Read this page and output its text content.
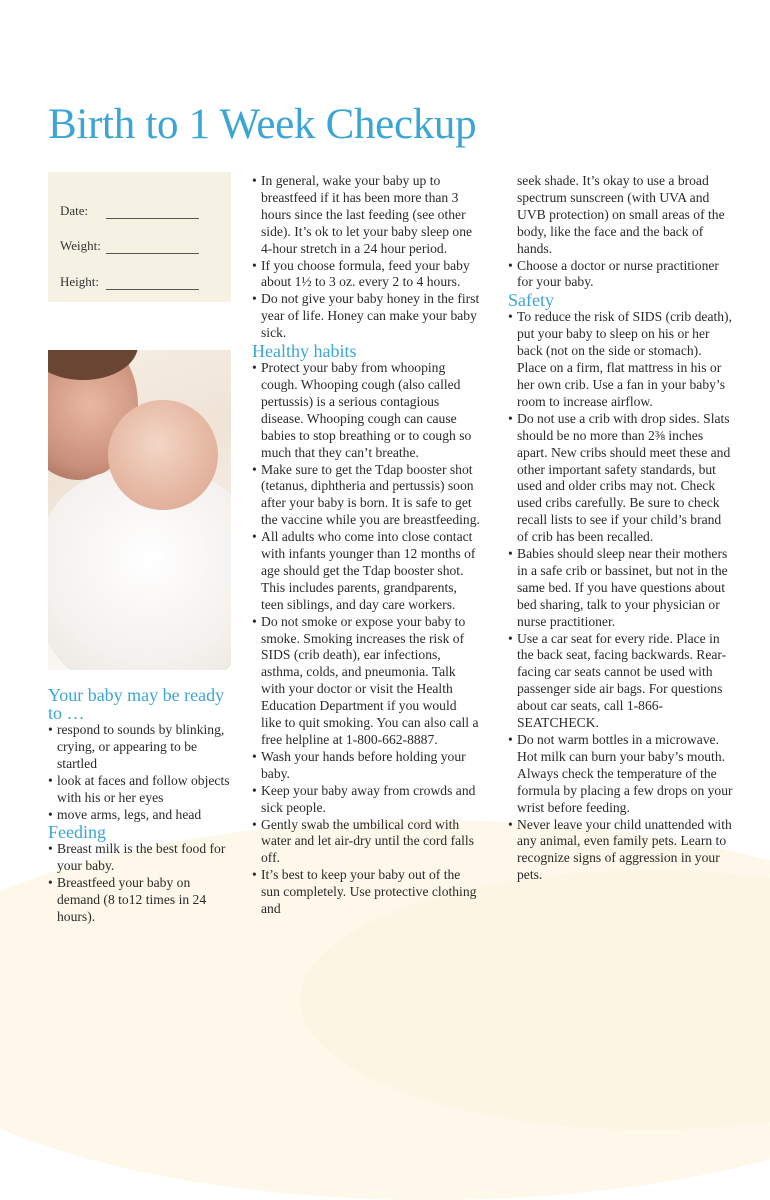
Birth to 1 Week Checkup
Date:
Weight:
Height:
Your baby may be ready to …
• respond to sounds by blinking, crying, or appearing to be startled
• look at faces and follow objects with his or her eyes
• move arms, legs, and head
Feeding
• Breast milk is the best food for your baby.
• Breastfeed your baby on demand (8 to12 times in 24 hours).
• In general, wake your baby up to breastfeed if it has been more than 3 hours since the last feeding (see other side). It’s ok to let your baby sleep one 4-hour stretch in a 24 hour period.
• If you choose formula, feed your baby about 1½ to 3 oz. every 2 to 4 hours.
• Do not give your baby honey in the first year of life. Honey can make your baby sick.
Healthy habits
• Protect your baby from whooping cough. Whooping cough (also called pertussis) is a serious contagious disease. Whooping cough can cause babies to stop breathing or to cough so much that they can’t breathe.
• Make sure to get the Tdap booster shot (tetanus, diphtheria and pertussis) soon after your baby is born. It is safe to get the vaccine while you are breastfeeding.
• All adults who come into close contact with infants younger than 12 months of age should get the Tdap booster shot. This includes parents, grandparents, teen siblings, and day care workers.
• Do not smoke or expose your baby to smoke. Smoking increases the risk of SIDS (crib death), ear infections, asthma, colds, and pneumonia. Talk with your doctor or visit the Health Education Department if you would like to quit smoking. You can also call a free helpline at 1-800-662-8887.
• Wash your hands before holding your baby.
• Keep your baby away from crowds and sick people.
• Gently swab the umbilical cord with water and let air-dry until the cord falls off.
• It’s best to keep your baby out of the sun completely. Use protective clothing and

seek shade. It’s okay to use a broad spectrum sunscreen (with UVA and UVB protection) on small areas of the body, like the face and the back of hands.

• Choose a doctor or nurse practitioner for your baby.
Safety
• To reduce the risk of SIDS (crib death), put your baby to sleep on his or her back (not on the side or stomach). Place on a firm, flat mattress in his or her own crib. Use a fan in your baby’s room to increase airflow.
• Do not use a crib with drop sides. Slats should be no more than 2⅜ inches apart. New cribs should meet these and other important safety standards, but used and older cribs may not. Check used cribs carefully. Be sure to check recall lists to see if your child’s brand of crib has been recalled.
• Babies should sleep near their mothers in a safe crib or bassinet, but not in the same bed. If you have questions about bed sharing, talk to your physician or nurse practitioner.
• Use a car seat for every ride. Place in the back seat, facing backwards. Rear-facing car seats cannot be used with passenger side air bags. For questions about car seats, call 1-866-SEATCHECK.
• Do not warm bottles in a microwave. Hot milk can burn your baby’s mouth. Always check the temperature of the formula by placing a few drops on your wrist before feeding.
• Never leave your child unattended with any animal, even family pets. Learn to recognize signs of aggression in your pets.
